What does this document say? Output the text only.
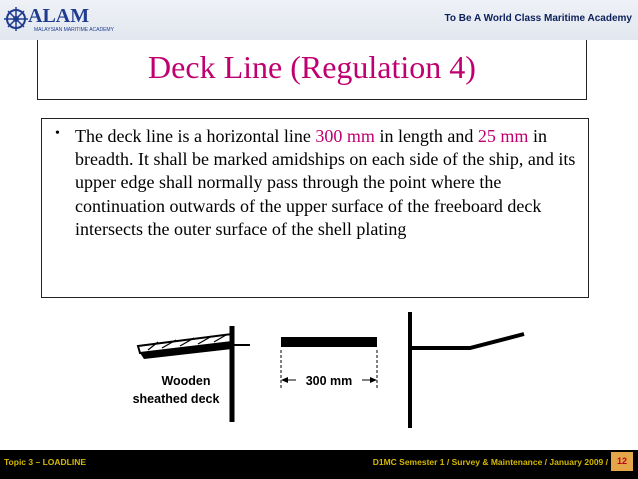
ALAM
MALAYSIAN MARITIME ACADEMY
To Be A World Class Maritime Academy
Deck Line (Regulation 4)
• The deck line is a horizontal line 300 mm in length and 25 mm in breadth. It shall be marked amidships on each side of the ship, and its upper edge shall normally pass through the point where the continuation outwards of the upper surface of the freeboard deck intersects the outer surface of the shell plating
Wooden
sheathed deck
300 mm
Topic 3 – LOADLINE	D1MC Semester 1 / Survey & Maintenance / January 2009 / 12
